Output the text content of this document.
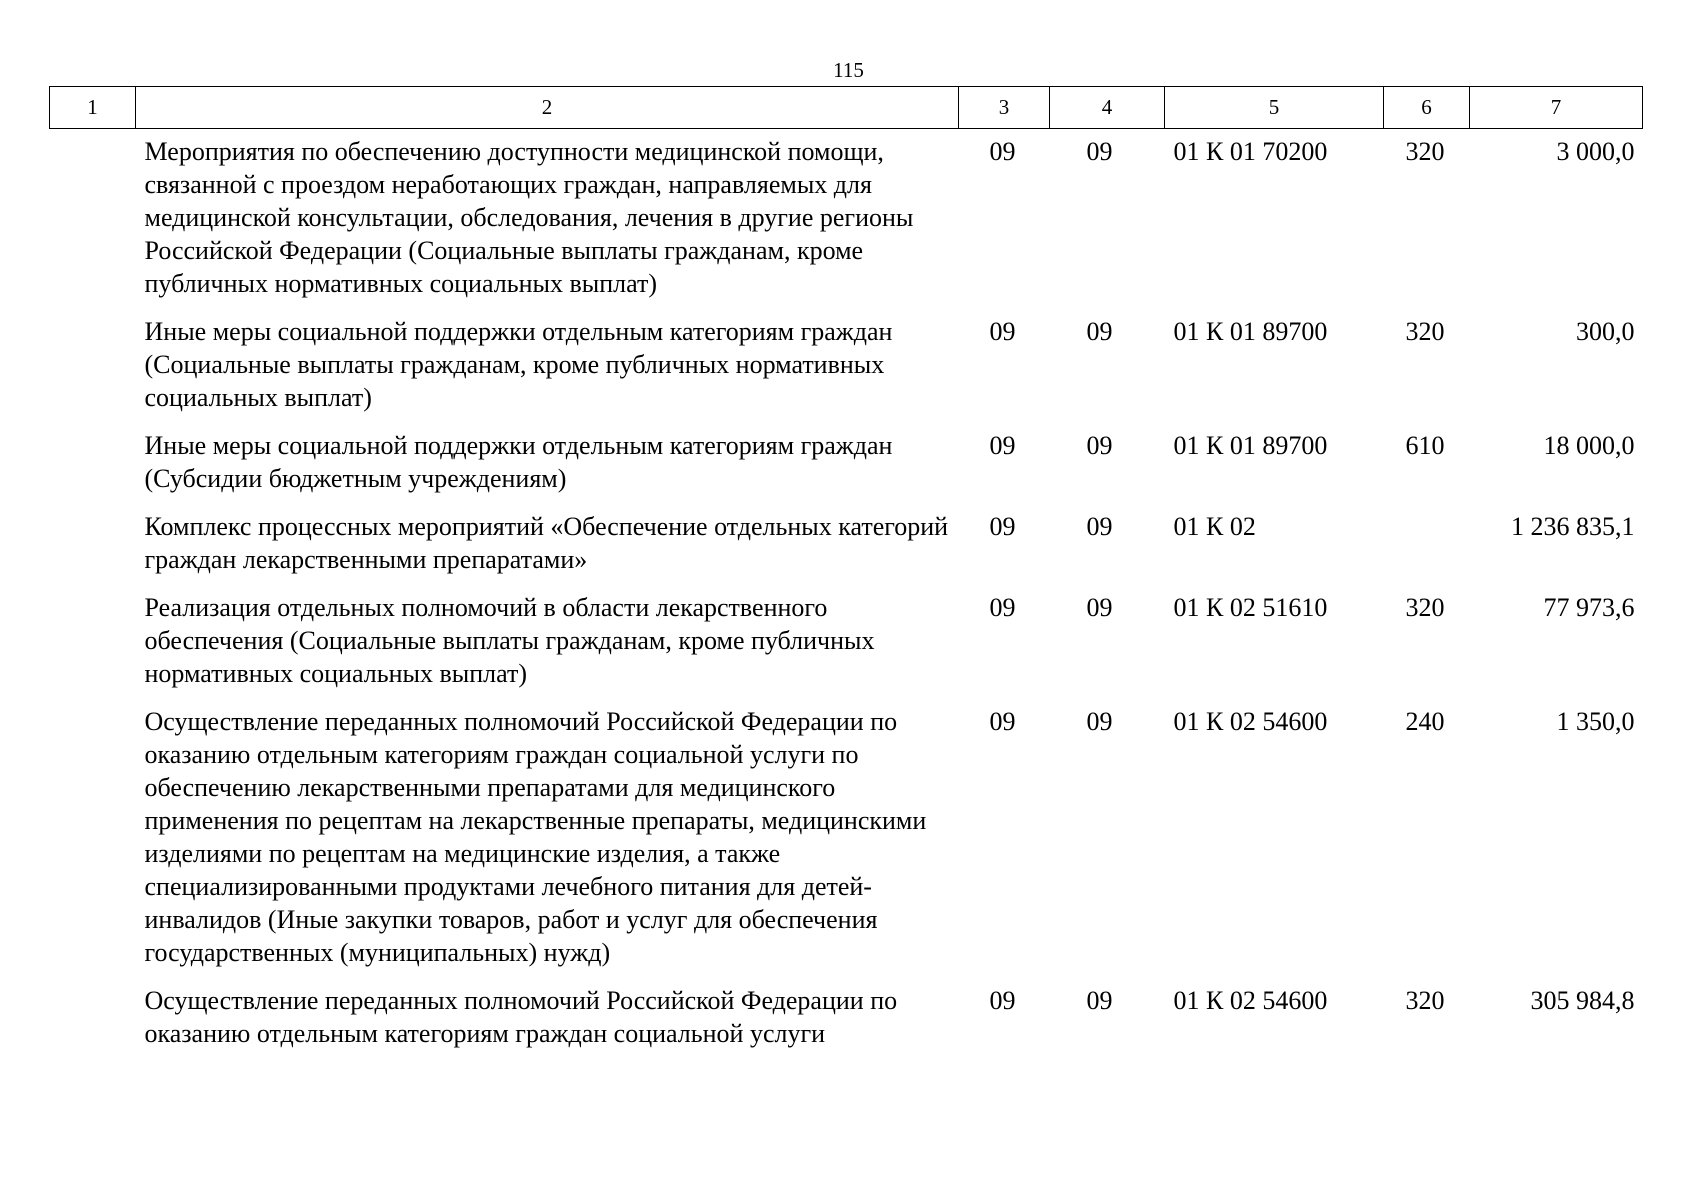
115
1	2	3	4	5	6	7
	Мероприятия по обеспечению доступности медицинской помощи, связанной с проездом неработающих граждан, направляемых для медицинской консультации, обследования, лечения в другие регионы Российской Федерации (Социальные выплаты гражданам, кроме публичных нормативных социальных выплат)	09	09	01 К 01 70200	320	3 000,0
	Иные меры социальной поддержки отдельным категориям граждан (Социальные выплаты гражданам, кроме публичных нормативных социальных выплат)	09	09	01 К 01 89700	320	300,0
	Иные меры социальной поддержки отдельным категориям граждан (Субсидии бюджетным учреждениям)	09	09	01 К 01 89700	610	18 000,0
	Комплекс процессных мероприятий «Обеспечение отдельных категорий граждан лекарственными препаратами»	09	09	01 К 02		1 236 835,1
	Реализация отдельных полномочий в области лекарственного обеспечения (Социальные выплаты гражданам, кроме публичных нормативных социальных выплат)	09	09	01 К 02 51610	320	77 973,6
	Осуществление переданных полномочий Российской Федерации по оказанию отдельным категориям граждан социальной услуги по обеспечению лекарственными препаратами для медицинского применения по рецептам на лекарственные препараты, медицинскими изделиями по рецептам на медицинские изделия, а также специализированными продуктами лечебного питания для детей-инвалидов (Иные закупки товаров, работ и услуг для обеспечения государственных (муниципальных) нужд)	09	09	01 К 02 54600	240	1 350,0
	Осуществление переданных полномочий Российской Федерации по оказанию отдельным категориям граждан социальной услуги	09	09	01 К 02 54600	320	305 984,8
